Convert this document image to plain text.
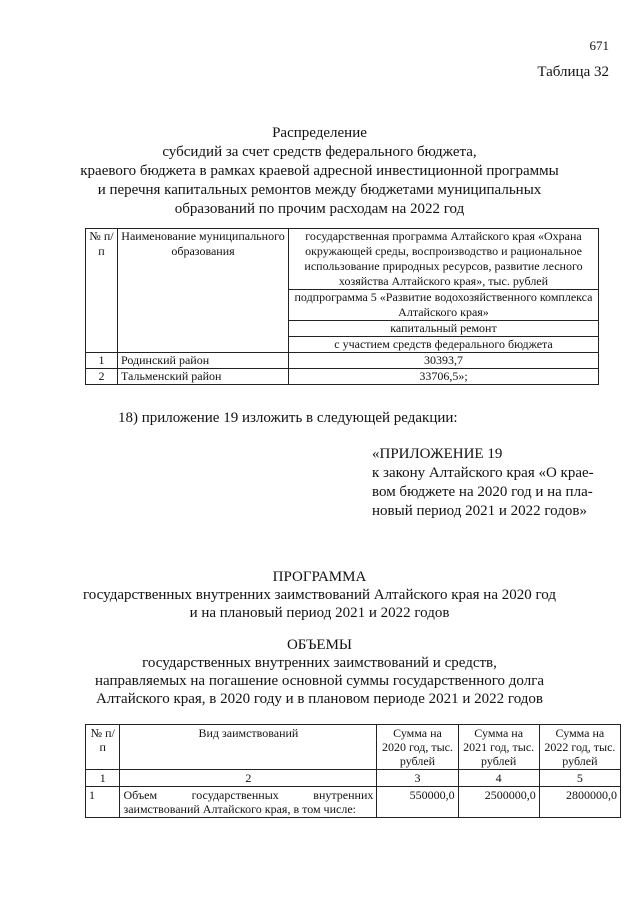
671
Таблица 32
Распределение
субсидий за счет средств федерального бюджета,
краевого бюджета в рамках краевой адресной инвестиционной программы
и перечня капитальных ремонтов между бюджетами муниципальных
образований по прочим расходам на 2022 год
№ п/п	Наименование муниципального образования	государственная программа Алтайского края «Охрана окружающей среды, воспроизводство и рациональное использование природных ресурсов, развитие лесного хозяйства Алтайского края», тыс. рублей
		подпрограмма 5 «Развитие водохозяйственного комплекса Алтайского края»
		капитальный ремонт
		с участием средств федерального бюджета
1	Родинский район	30393,7
2	Тальменский район	33706,5»;
18) приложение 19 изложить в следующей редакции:
«ПРИЛОЖЕНИЕ 19
к закону Алтайского края «О крае-
вом бюджете на 2020 год и на пла-
новый период 2021 и 2022 годов»
ПРОГРАММА
государственных внутренних заимствований Алтайского края на 2020 год
и на плановый период 2021 и 2022 годов
ОБЪЕМЫ
государственных внутренних заимствований и средств,
направляемых на погашение основной суммы государственного долга
Алтайского края, в 2020 году и в плановом периоде 2021 и 2022 годов
№ п/п	Вид заимствований	Сумма на 2020 год, тыс. рублей	Сумма на 2021 год, тыс. рублей	Сумма на 2022 год, тыс. рублей
1	2	3	4	5
1	Объем государственных внутренних заимствований Алтайского края, в том числе:	550000,0	2500000,0	2800000,0
